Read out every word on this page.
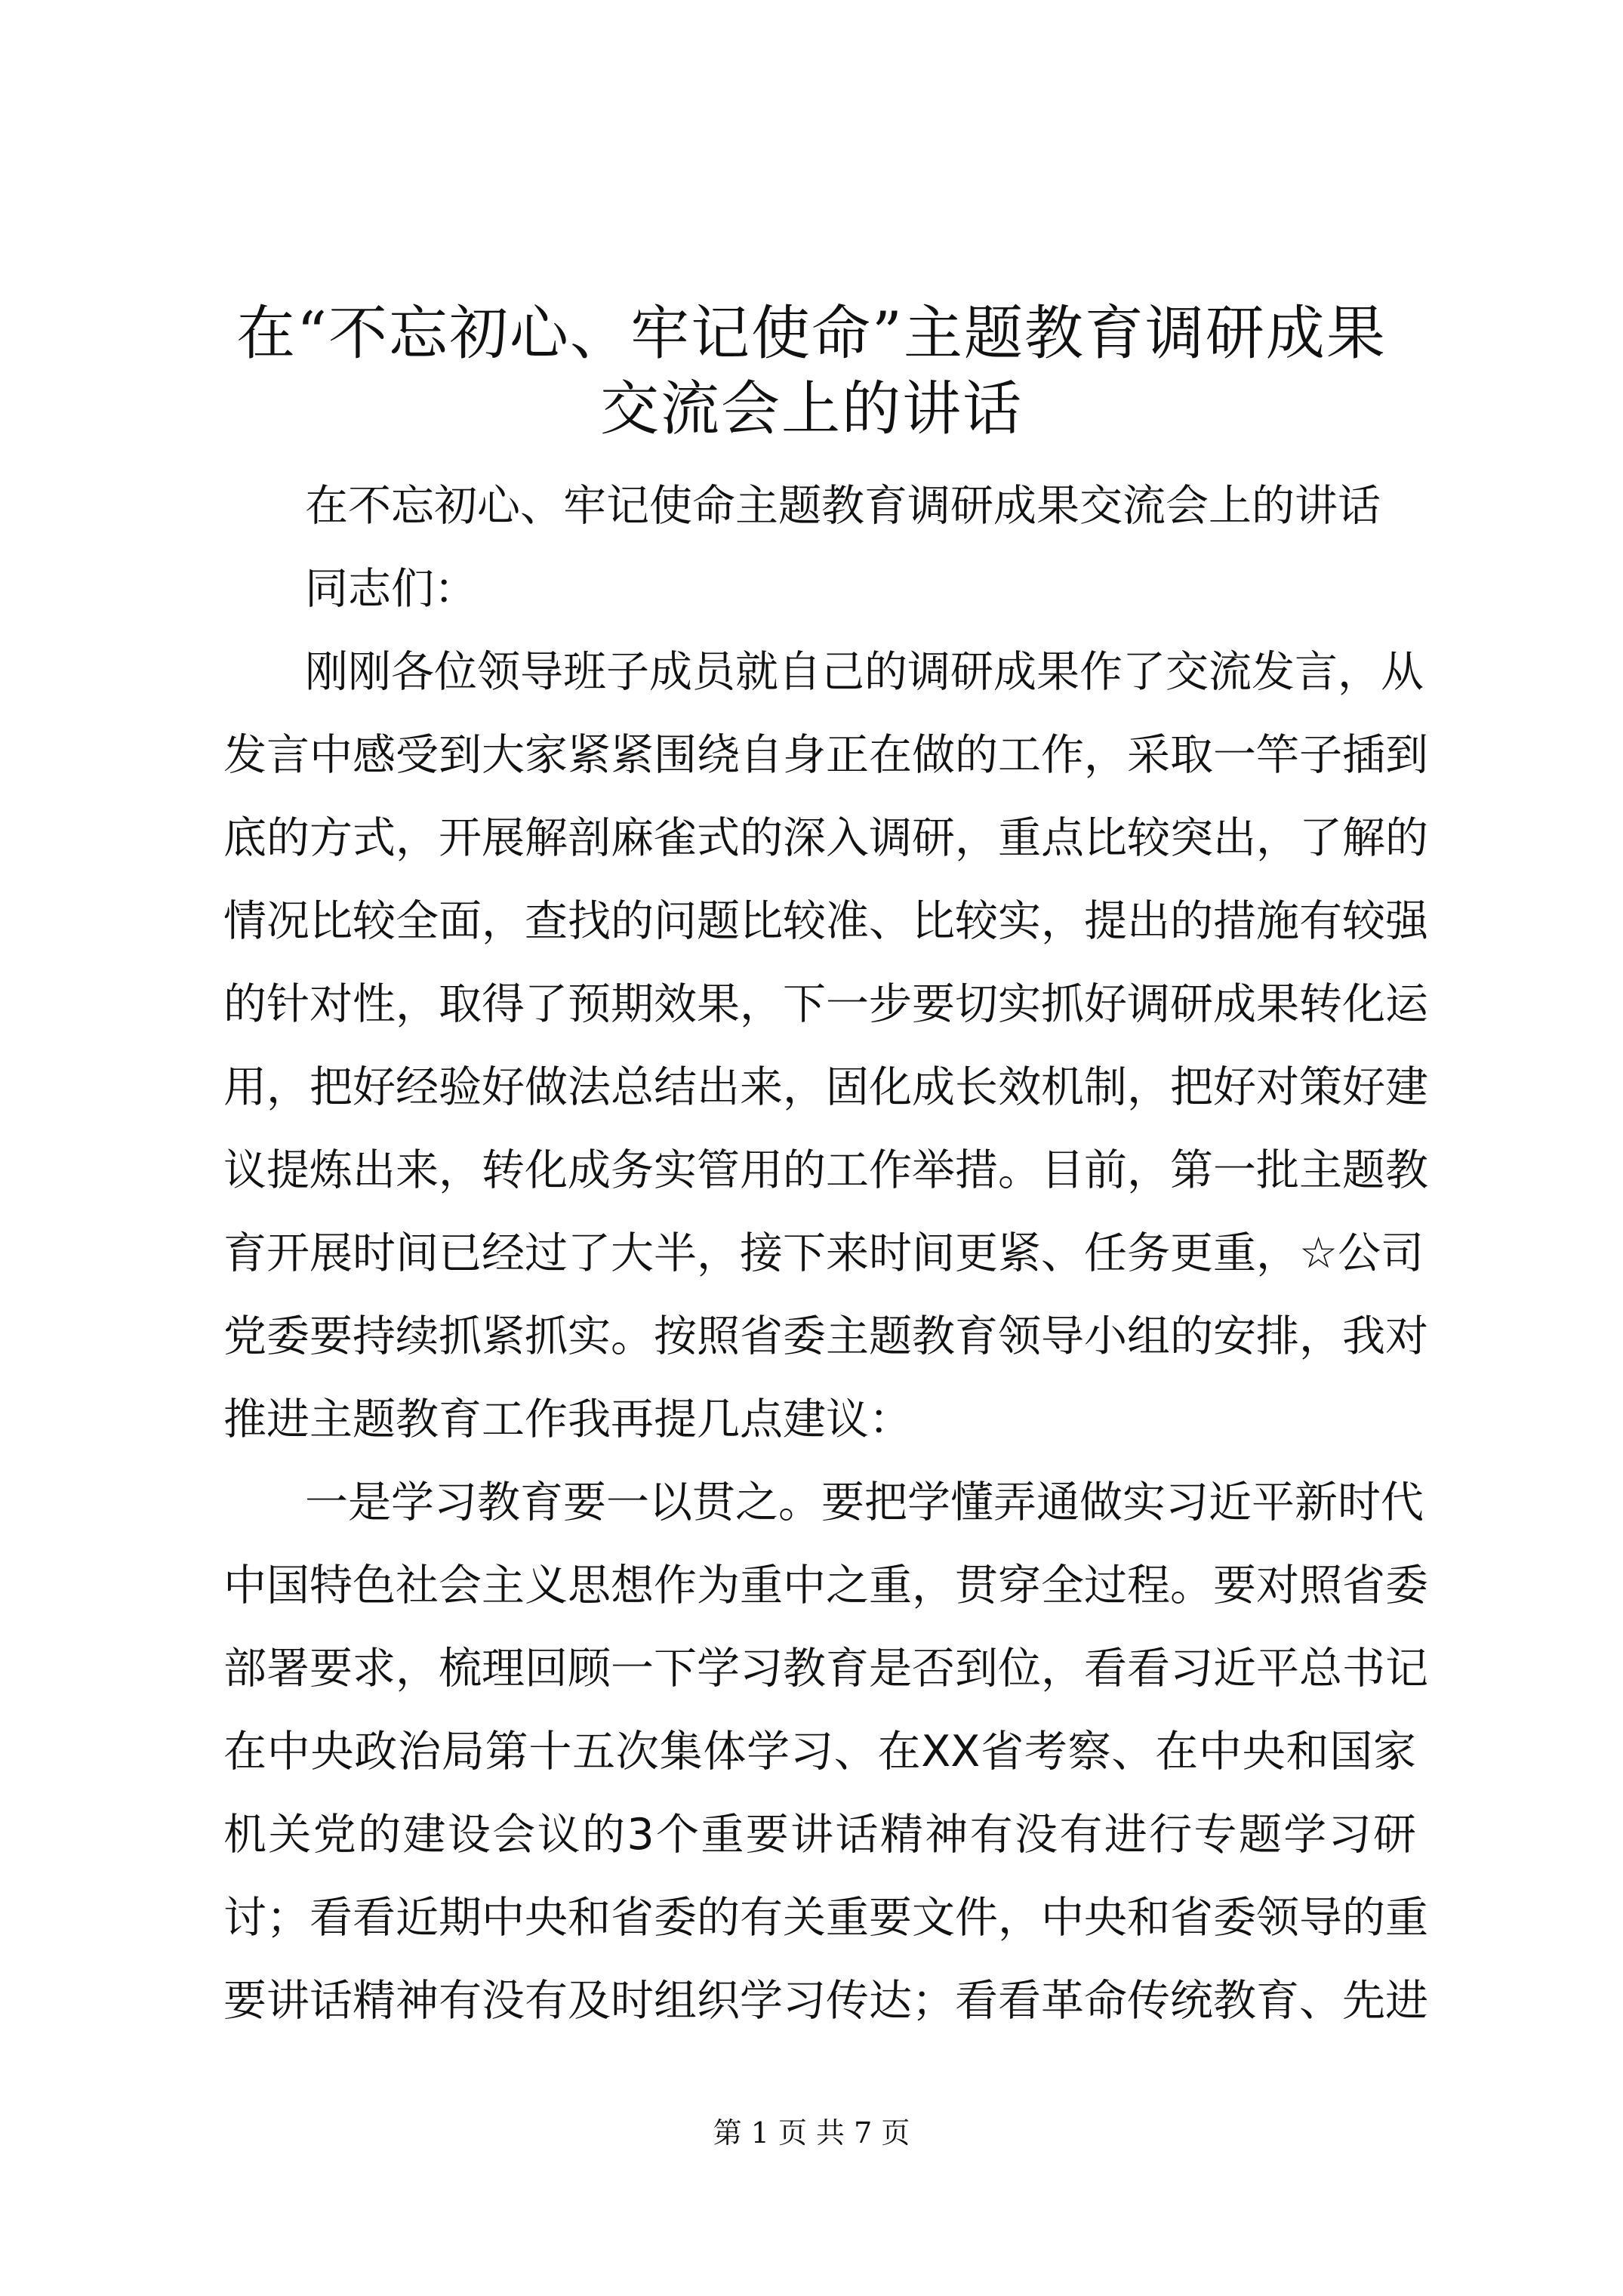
在“不忘初心、牢记使命”主题教育调研成果
交流会上的讲话
在不忘初心、牢记使命主题教育调研成果交流会上的讲话
同志们：
刚刚各位领导班子成员就自己的调研成果作了交流发言，从
发言中感受到大家紧紧围绕自身正在做的工作，采取一竿子插到
底的方式，开展解剖麻雀式的深入调研，重点比较突出，了解的
情况比较全面，查找的问题比较准、比较实，提出的措施有较强
的针对性，取得了预期效果，下一步要切实抓好调研成果转化运
用，把好经验好做法总结出来，固化成长效机制，把好对策好建
议提炼出来，转化成务实管用的工作举措。目前，第一批主题教
育开展时间已经过了大半，接下来时间更紧、任务更重，☆公司
党委要持续抓紧抓实。按照省委主题教育领导小组的安排，我对
推进主题教育工作我再提几点建议：
一是学习教育要一以贯之。要把学懂弄通做实习近平新时代
中国特色社会主义思想作为重中之重，贯穿全过程。要对照省委
部署要求，梳理回顾一下学习教育是否到位，看看习近平总书记
在中央政治局第十五次集体学习、在XX省考察、在中央和国家
机关党的建设会议的3个重要讲话精神有没有进行专题学习研
讨；看看近期中央和省委的有关重要文件，中央和省委领导的重
要讲话精神有没有及时组织学习传达；看看革命传统教育、先进
第 1 页 共 7 页
